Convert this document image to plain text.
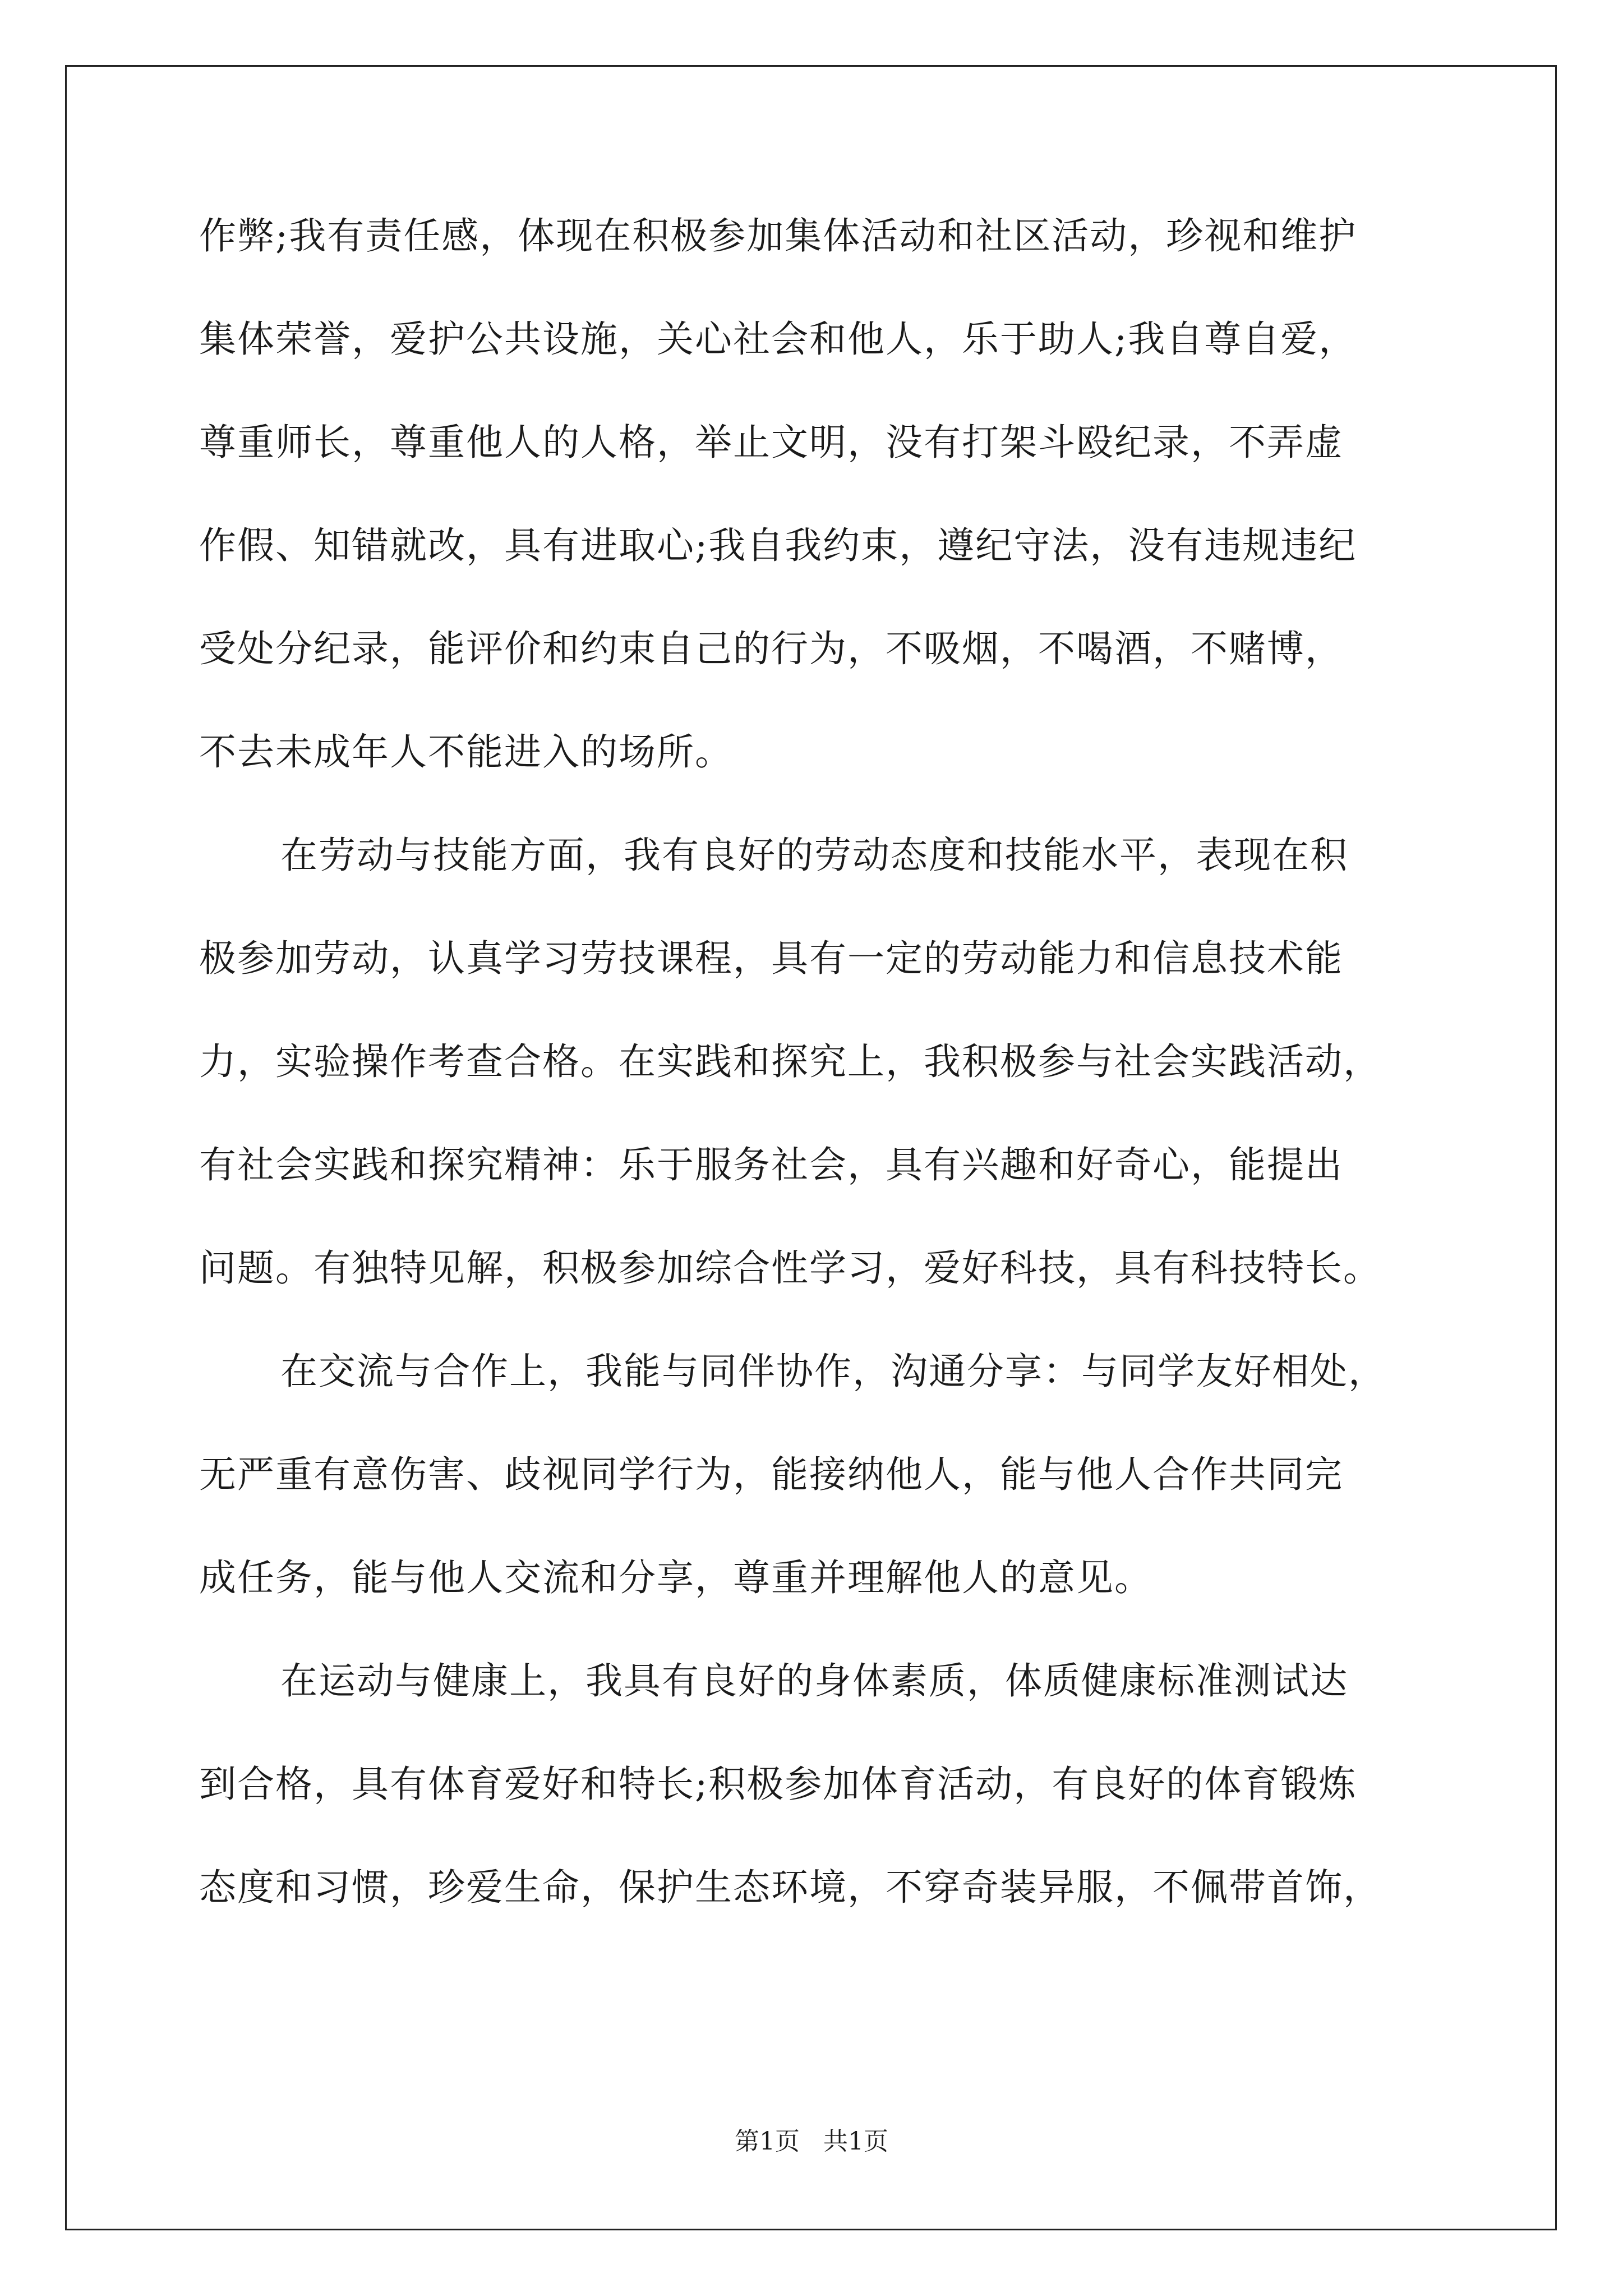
作弊;我有责任感，体现在积极参加集体活动和社区活动，珍视和维护
集体荣誉，爱护公共设施，关心社会和他人，乐于助人;我自尊自爱，
尊重师长，尊重他人的人格，举止文明，没有打架斗殴纪录，不弄虚
作假、知错就改，具有进取心;我自我约束，遵纪守法，没有违规违纪
受处分纪录，能评价和约束自己的行为，不吸烟，不喝酒，不赌博，
不去未成年人不能进入的场所。
在劳动与技能方面，我有良好的劳动态度和技能水平，表现在积
极参加劳动，认真学习劳技课程，具有一定的劳动能力和信息技术能
力，实验操作考查合格。在实践和探究上，我积极参与社会实践活动，
有社会实践和探究精神：乐于服务社会，具有兴趣和好奇心，能提出
问题。有独特见解，积极参加综合性学习，爱好科技，具有科技特长。
在交流与合作上，我能与同伴协作，沟通分享：与同学友好相处，
无严重有意伤害、歧视同学行为，能接纳他人，能与他人合作共同完
成任务，能与他人交流和分享，尊重并理解他人的意见。
在运动与健康上，我具有良好的身体素质，体质健康标准测试达
到合格，具有体育爱好和特长;积极参加体育活动，有良好的体育锻炼
态度和习惯，珍爱生命，保护生态环境，不穿奇装异服，不佩带首饰，
第1页   共1页
